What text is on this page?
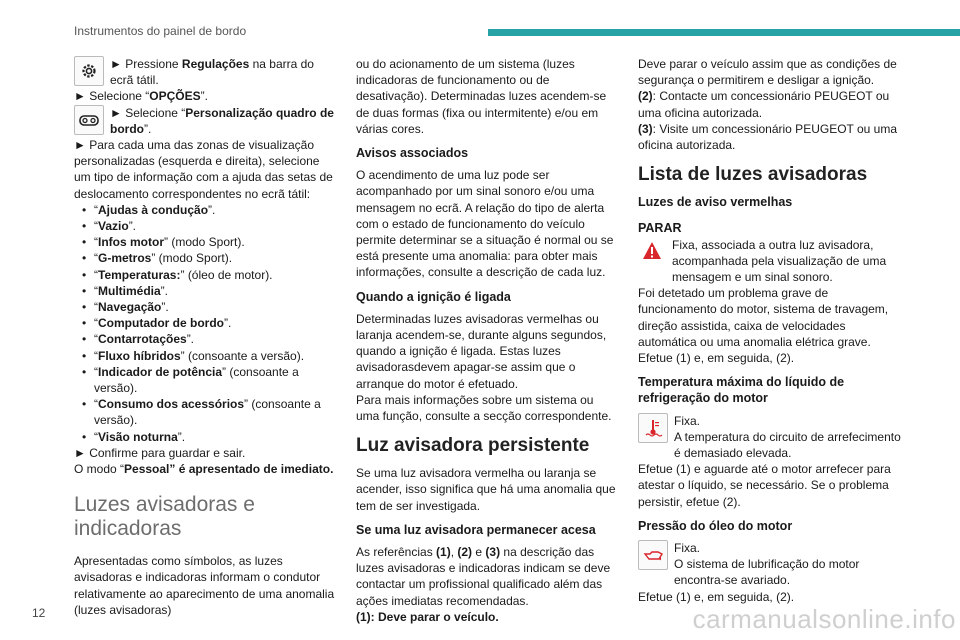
Instrumentos do painel de bordo

► Pressione Regulações na barra do ecrã tátil.

► Selecione “OPÇÕES”.

► Selecione “Personalização quadro de bordo”.

► Para cada uma das zonas de visualização personalizadas (esquerda e direita), selecione um tipo de informação com a ajuda das setas de deslocamento correspondentes no ecrã tátil:

• “Ajudas à condução”.
• “Vazio”.
• “Infos motor” (modo Sport).
• “G-metros” (modo Sport).
• “Temperaturas:” (óleo de motor).
• “Multimédia”.
• “Navegação”.
• “Computador de bordo”.
• “Contarrotações”.
• “Fluxo híbridos” (consoante a versão).
• “Indicador de potência” (consoante a versão).
• “Consumo dos acessórios” (consoante a versão).
• “Visão noturna”.

► Confirme para guardar e sair.

O modo “Pessoal” é apresentado de imediato.

Luzes avisadoras e indicadoras

Apresentadas como símbolos, as luzes avisadoras e indicadoras informam o condutor relativamente ao aparecimento de uma anomalia (luzes avisadoras)

ou do acionamento de um sistema (luzes indicadoras de funcionamento ou de desativação). Determinadas luzes acendem-se de duas formas (fixa ou intermitente) e/ou em várias cores.

Avisos associados

O acendimento de uma luz pode ser acompanhado por um sinal sonoro e/ou uma mensagem no ecrã. A relação do tipo de alerta com o estado de funcionamento do veículo permite determinar se a situação é normal ou se está presente uma anomalia: para obter mais informações, consulte a descrição de cada luz.

Quando a ignição é ligada

Determinadas luzes avisadoras vermelhas ou laranja acendem-se, durante alguns segundos, quando a ignição é ligada. Estas luzes avisadorasdevem apagar-se assim que o arranque do motor é efetuado.

Para mais informações sobre um sistema ou uma função, consulte a secção correspondente.

Luz avisadora persistente

Se uma luz avisadora vermelha ou laranja se acender, isso significa que há uma anomalia que tem de ser investigada.

Se uma luz avisadora permanecer acesa

As referências (1), (2) e (3) na descrição das luzes avisadoras e indicadoras indicam se deve contactar um profissional qualificado além das ações imediatas recomendadas.

(1): Deve parar o veículo.

Deve parar o veículo assim que as condições de segurança o permitirem e desligar a ignição.

(2): Contacte um concessionário PEUGEOT ou uma oficina autorizada.

(3): Visite um concessionário PEUGEOT ou uma oficina autorizada.

Lista de luzes avisadoras
Luzes de aviso vermelhas
PARAR

Fixa, associada a outra luz avisadora, acompanhada pela visualização de uma mensagem e um sinal sonoro.

Foi detetado um problema grave de funcionamento do motor, sistema de travagem, direção assistida, caixa de velocidades automática ou uma anomalia elétrica grave.

Efetue (1) e, em seguida, (2).

Temperatura máxima do líquido de refrigeração do motor

Fixa.
A temperatura do circuito de arrefecimento é demasiado elevada.

Efetue (1) e aguarde até o motor arrefecer para atestar o líquido, se necessário. Se o problema persistir, efetue (2).

Pressão do óleo do motor

Fixa.
O sistema de lubrificação do motor encontra-se avariado.

Efetue (1) e, em seguida, (2).

12	carmanualsonline.info
